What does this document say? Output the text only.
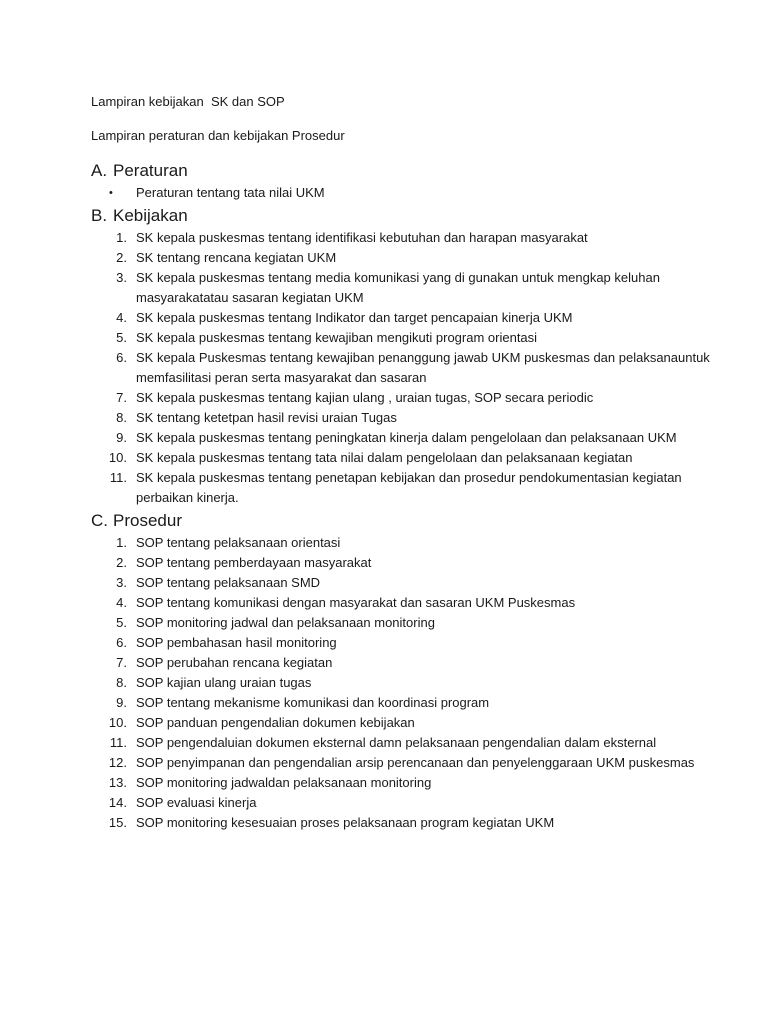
Lampiran kebijakan  SK dan SOP
Lampiran peraturan dan kebijakan Prosedur
A. Peraturan
•	Peraturan tentang tata nilai UKM
B. Kebijakan
1. SK kepala puskesmas tentang identifikasi kebutuhan dan harapan masyarakat
2. SK tentang rencana kegiatan UKM
3. SK kepala puskesmas tentang media komunikasi yang di gunakan untuk mengkap keluhan masyarakatatau sasaran kegiatan UKM
4. SK kepala puskesmas tentang Indikator dan target pencapaian kinerja UKM
5. SK kepala puskesmas tentang kewajiban mengikuti program orientasi
6. SK kepala Puskesmas tentang kewajiban penanggung jawab UKM puskesmas dan pelaksanauntuk memfasilitasi peran serta masyarakat dan sasaran
7. SK kepala puskesmas tentang kajian ulang , uraian tugas, SOP secara periodic
8. SK tentang ketetpan hasil revisi uraian Tugas
9. SK kepala puskesmas tentang peningkatan kinerja dalam pengelolaan dan pelaksanaan UKM
10. SK kepala puskesmas tentang tata nilai dalam pengelolaan dan pelaksanaan kegiatan
11. SK kepala puskesmas tentang penetapan kebijakan dan prosedur pendokumentasian kegiatan perbaikan kinerja.
C. Prosedur
1. SOP tentang pelaksanaan orientasi
2. SOP tentang pemberdayaan masyarakat
3. SOP tentang pelaksanaan SMD
4. SOP tentang komunikasi dengan masyarakat dan sasaran UKM Puskesmas
5. SOP monitoring jadwal dan pelaksanaan monitoring
6. SOP pembahasan hasil monitoring
7. SOP perubahan rencana kegiatan
8. SOP kajian ulang uraian tugas
9. SOP tentang mekanisme komunikasi dan koordinasi program
10. SOP panduan pengendalian dokumen kebijakan
11. SOP pengendaluian dokumen eksternal damn pelaksanaan pengendalian dalam eksternal
12. SOP penyimpanan dan pengendalian arsip perencanaan dan penyelenggaraan UKM puskesmas
13. SOP monitoring jadwaldan pelaksanaan monitoring
14. SOP evaluasi kinerja
15. SOP monitoring kesesuaian proses pelaksanaan program kegiatan UKM
